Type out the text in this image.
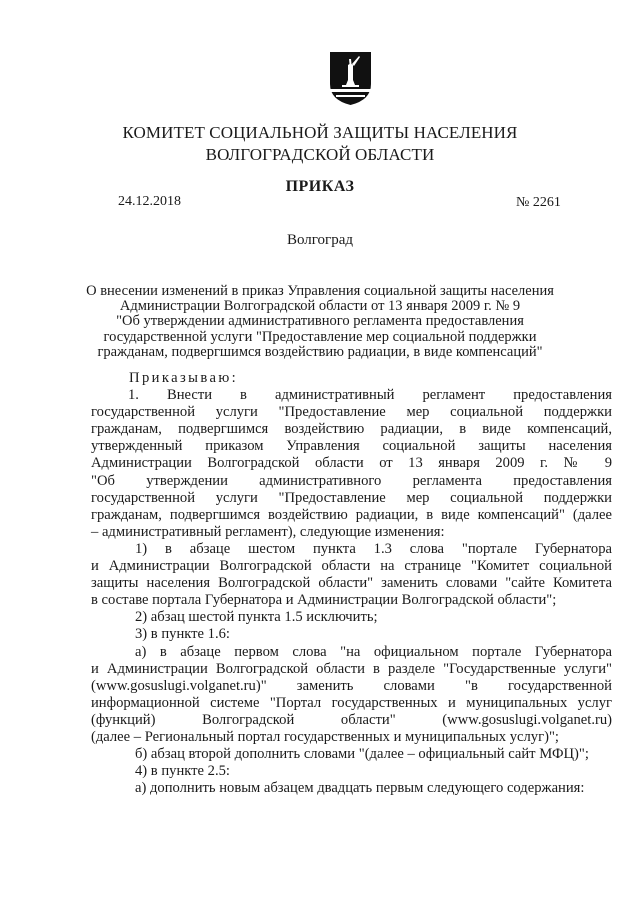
КОМИТЕТ СОЦИАЛЬНОЙ ЗАЩИТЫ НАСЕЛЕНИЯ
ВОЛГОГРАДСКОЙ ОБЛАСТИ
ПРИКАЗ
24.12.2018	№ 2261
Волгоград
О внесении изменений в приказ Управления социальной защиты населения
Администрации Волгоградской области от 13 января 2009 г. № 9
"Об утверждении административного регламента предоставления
государственной услуги "Предоставление мер социальной поддержки
гражданам, подвергшимся воздействию радиации, в виде компенсаций"

Приказываю:

1. Внести в административный регламент предоставления

государственной услуги "Предоставление мер социальной поддержки

гражданам, подвергшимся воздействию радиации, в виде компенсаций,

утвержденный приказом Управления социальной защиты населения

Администрации Волгоградской области от 13 января 2009 г. № 9

"Об утверждении административного регламента предоставления

государственной услуги "Предоставление мер социальной поддержки

гражданам, подвергшимся воздействию радиации, в виде компенсаций" (далее

– административный регламент), следующие изменения:

1) в абзаце шестом пункта 1.3 слова "портале Губернатора

и Администрации Волгоградской области на странице "Комитет социальной

защиты населения Волгоградской области" заменить словами "сайте Комитета

в составе портала Губернатора и Администрации Волгоградской области";

2) абзац шестой пункта 1.5 исключить;

3) в пункте 1.6:

а) в абзаце первом слова "на официальном портале Губернатора

и Администрации Волгоградской области в разделе "Государственные услуги"

(www.gosuslugi.volganet.ru)" заменить словами "в государственной

информационной системе "Портал государственных и муниципальных услуг

(функций) Волгоградской области" (www.gosuslugi.volganet.ru)

(далее – Региональный портал государственных и муниципальных услуг)";

б) абзац второй дополнить словами "(далее – официальный сайт МФЦ)";

4) в пункте 2.5:

а) дополнить новым абзацем двадцать первым следующего содержания:
